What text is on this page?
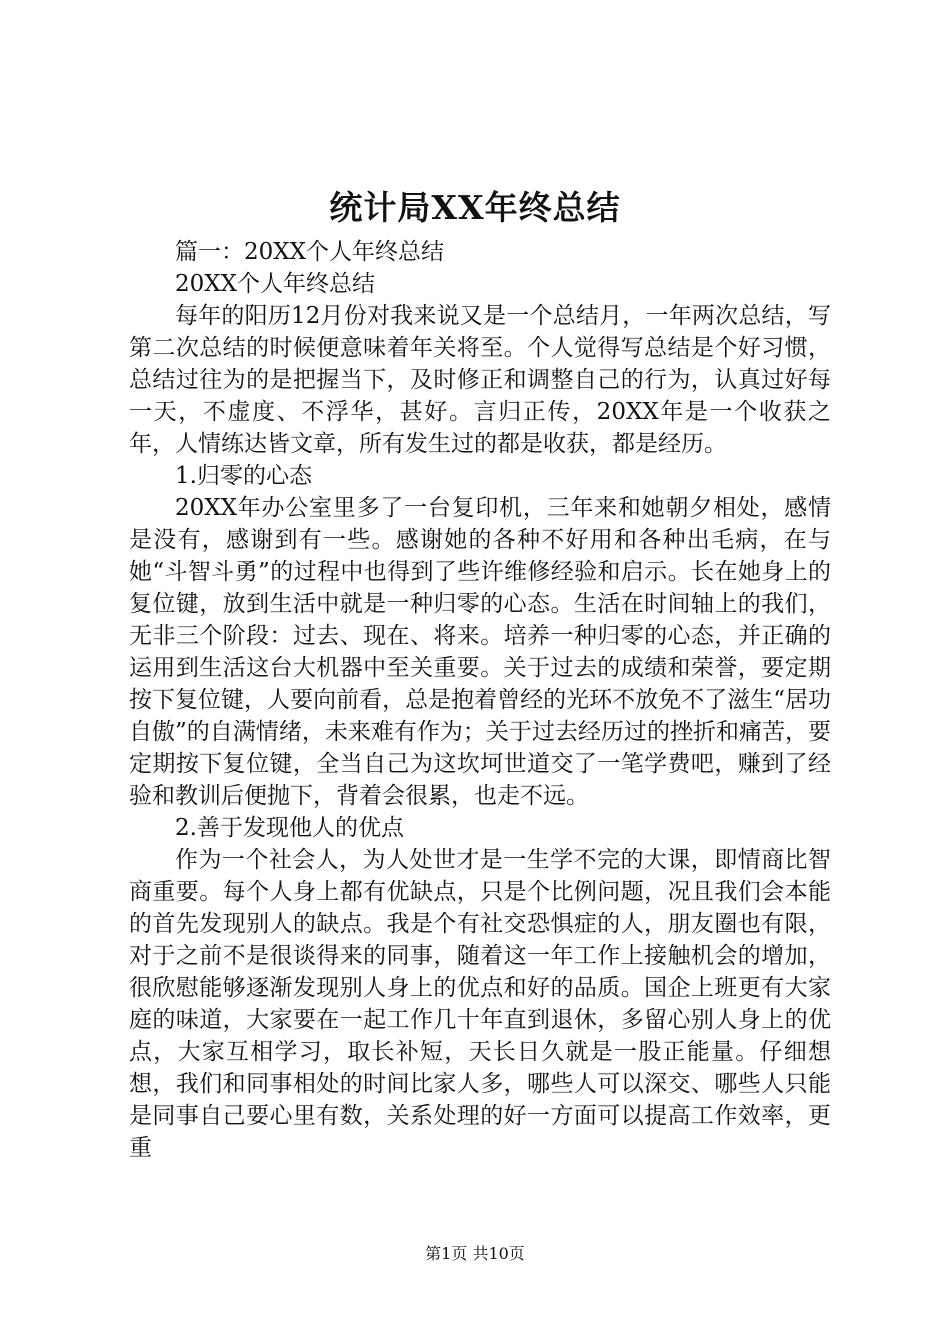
统计局XX年终总结

篇一：20XX个人年终总结

20XX个人年终总结

每年的阳历12月份对我来说又是一个总结月，一年两次总结，写第二次总结的时候便意味着年关将至。个人觉得写总结是个好习惯，总结过往为的是把握当下，及时修正和调整自己的行为，认真过好每一天，不虚度、不浮华，甚好。言归正传，20XX年是一个收获之年，人情练达皆文章，所有发生过的都是收获，都是经历。

1.归零的心态

20XX年办公室里多了一台复印机，三年来和她朝夕相处，感情是没有，感谢到有一些。感谢她的各种不好用和各种出毛病，在与她“斗智斗勇”的过程中也得到了些许维修经验和启示。长在她身上的复位键，放到生活中就是一种归零的心态。生活在时间轴上的我们，无非三个阶段：过去、现在、将来。培养一种归零的心态，并正确的运用到生活这台大机器中至关重要。关于过去的成绩和荣誉，要定期按下复位键，人要向前看，总是抱着曾经的光环不放免不了滋生“居功自傲”的自满情绪，未来难有作为；关于过去经历过的挫折和痛苦，要定期按下复位键，全当自己为这坎坷世道交了一笔学费吧，赚到了经验和教训后便抛下，背着会很累，也走不远。

2.善于发现他人的优点

作为一个社会人，为人处世才是一生学不完的大课，即情商比智商重要。每个人身上都有优缺点，只是个比例问题，况且我们会本能的首先发现别人的缺点。我是个有社交恐惧症的人，朋友圈也有限，对于之前不是很谈得来的同事，随着这一年工作上接触机会的增加，很欣慰能够逐渐发现别人身上的优点和好的品质。国企上班更有大家庭的味道，大家要在一起工作几十年直到退休，多留心别人身上的优点，大家互相学习，取长补短，天长日久就是一股正能量。仔细想想，我们和同事相处的时间比家人多，哪些人可以深交、哪些人只能是同事自己要心里有数，关系处理的好一方面可以提高工作效率，更重

第1页 共10页
